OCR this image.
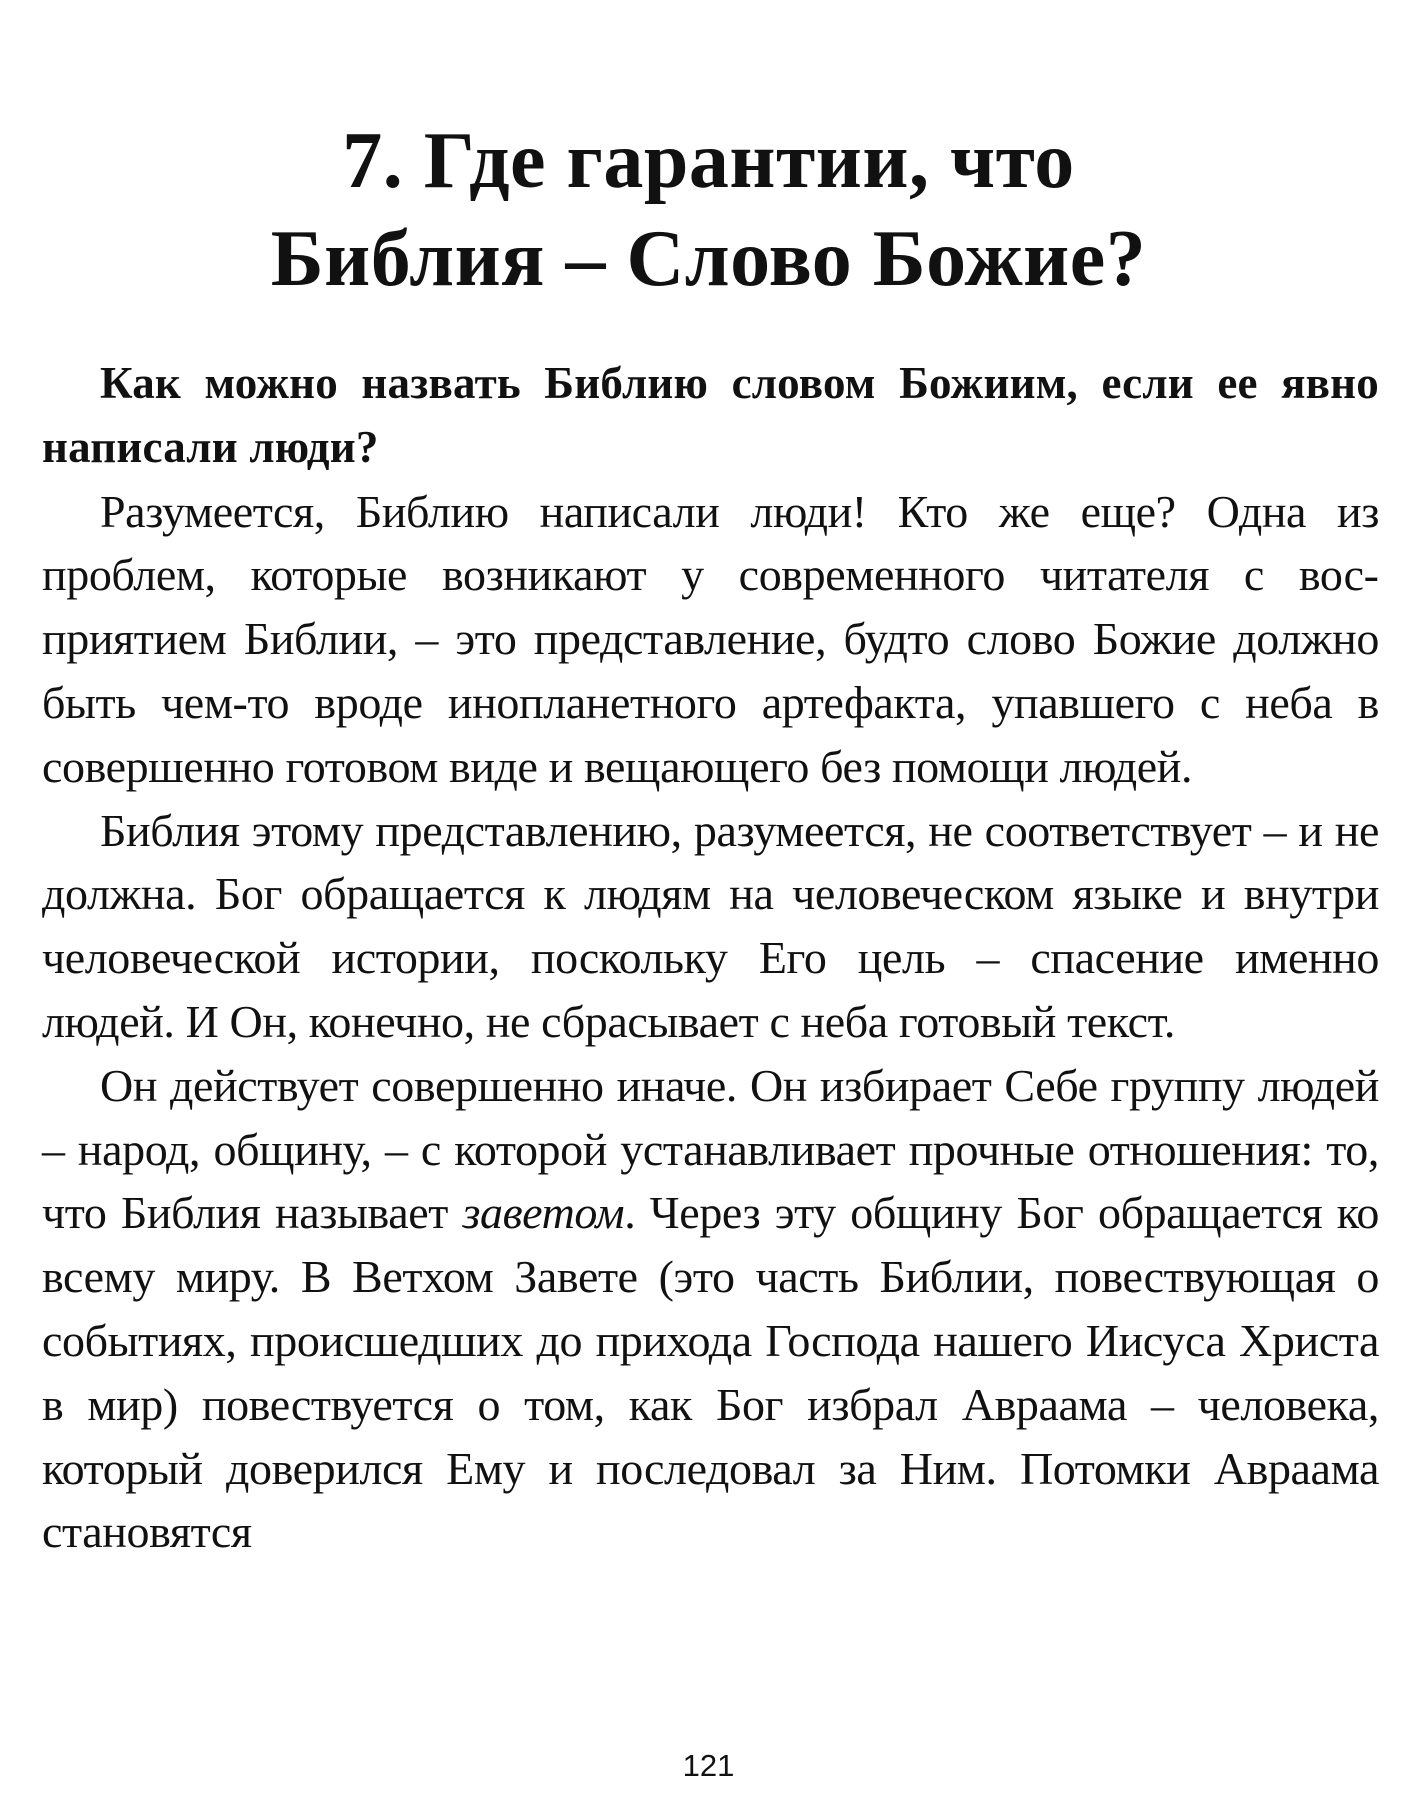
7. Где гарантии, что
Библия – Слово Божие?

Как можно назвать Библию словом Божиим, если ее явно написали люди?

Разумеется, Библию написали люди! Кто же еще? Одна из проблем, которые возникают у современного читателя с восприятием Библии, – это представление, будто слово Божие должно быть чем-то вроде инопланетного артефакта, упавшего с неба в совершенно готовом виде и вещающего без помощи людей.

Библия этому представлению, разумеется, не соответствует – и не должна. Бог обращается к людям на человеческом языке и внутри человеческой истории, поскольку Его цель – спасение именно людей. И Он, конечно, не сбрасывает с неба готовый текст.

Он действует совершенно иначе. Он избирает Себе группу людей – народ, общину, – с которой устанавливает прочные отношения: то, что Библия называет заветом. Через эту общину Бог обращается ко всему миру. В Ветхом Завете (это часть Библии, повествующая о событиях, происшедших до прихода Господа нашего Иисуса Христа в мир) повествуется о том, как Бог избрал Авраама – человека, который доверился Ему и последовал за Ним. Потомки Авраама становятся

121
